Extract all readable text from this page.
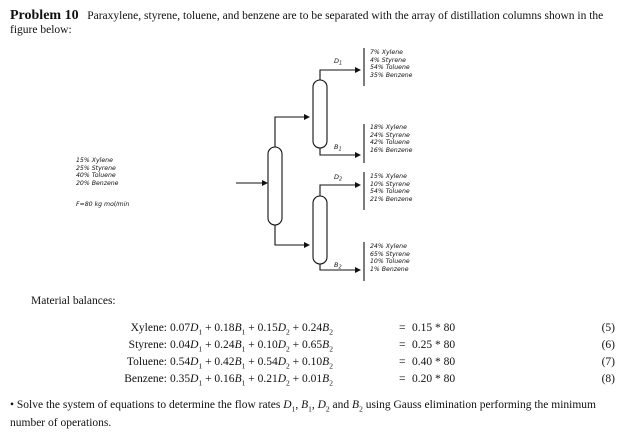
Problem 10 Paraxylene, styrene, toluene, and benzene are to be separated with the array of distillation columns shown in the figure below:
$D_1$
$B_1$
$D_2$
$B_2$
15% Xylene
25% Styrene
40% Toluene
20% Benzene
F=80 kg mol/min
7% Xylene
4% Styrene
54% Toluene
35% Benzene
18% Xylene
24% Styrene
42% Toluene
16% Benzene
15% Xylene
10% Styrene
54% Toluene
21% Benzene
24% Xylene
65% Styrene
10% Toluene
1% Benzene
Material balances:
Xylene: $0.07D_1 + 0.18B_1 + 0.15D_2 + 0.24B_2$	= 0.15 * 80	(5)
Styrene: $0.04D_1 + 0.24B_1 + 0.10D_2 + 0.65B_2$	= 0.25 * 80	(6)
Toluene: $0.54D_1 + 0.42B_1 + 0.54D_2 + 0.10B_2$	= 0.40 * 80	(7)
Benzene: $0.35D_1 + 0.16B_1 + 0.21D_2 + 0.01B_2$	= 0.20 * 80	(8)
• Solve the system of equations to determine the flow rates $D_1$, $B_1$, $D_2$ and $B_2$ using Gauss elimination performing the minimum number of operations.
